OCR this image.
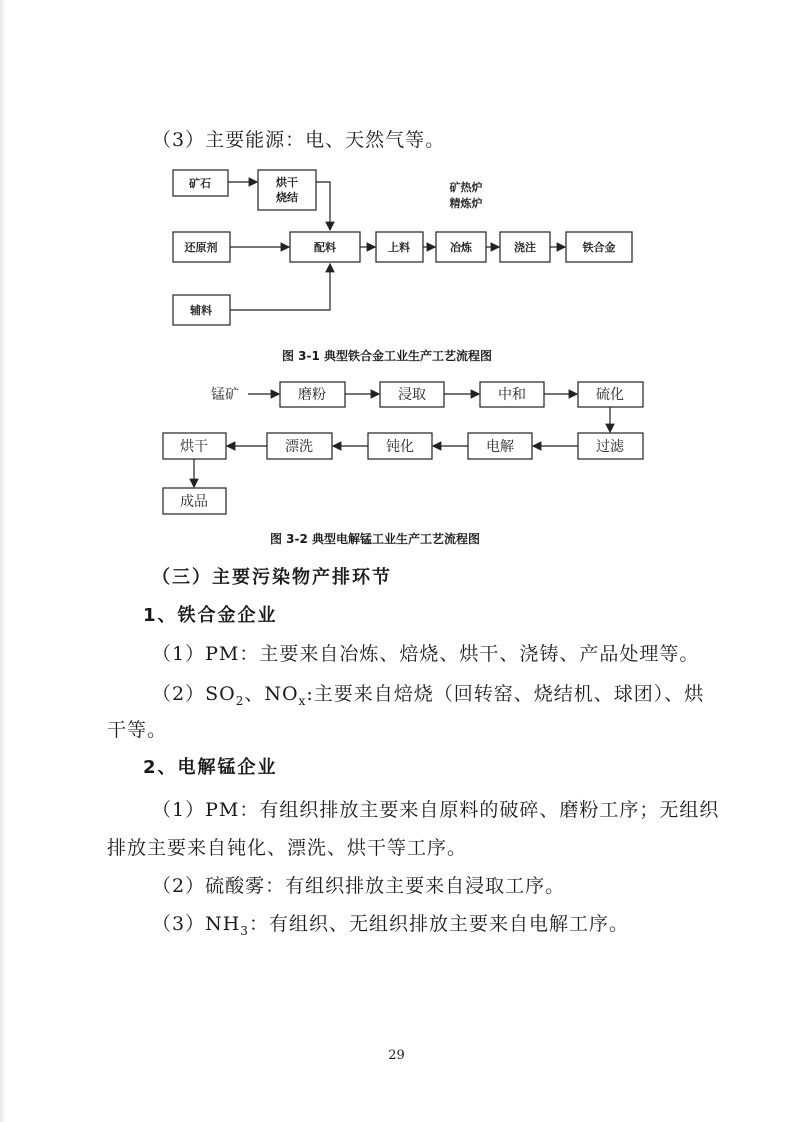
（3）主要能源：电、天然气等。
矿石	烘干
烧结
还原剂	配料	上料	冶炼	浇注	铁合金
辅料
矿热炉
精炼炉
图 3-1 典型铁合金工业生产工艺流程图
锰矿	磨粉	浸取	中和	硫化
过滤
电解
钝化
漂洗
烘干
成品
图 3-2 典型电解锰工业生产工艺流程图
（三）主要污染物产排环节
1、铁合金企业
（1）PM：主要来自冶炼、焙烧、烘干、浇铸、产品处理等。
$(2)SO_2$、$NO_x$:主要来自焙烧（回转窑、烧结机、球团）、烘
干等。
2、电解锰企业
（1）PM：有组织排放主要来自原料的破碎、磨粉工序；无组织
排放主要来自钝化、漂洗、烘干等工序。
（2）硫酸雾：有组织排放主要来自浸取工序。
$(3)NH_3$：有组织、无组织排放主要来自电解工序。
29
